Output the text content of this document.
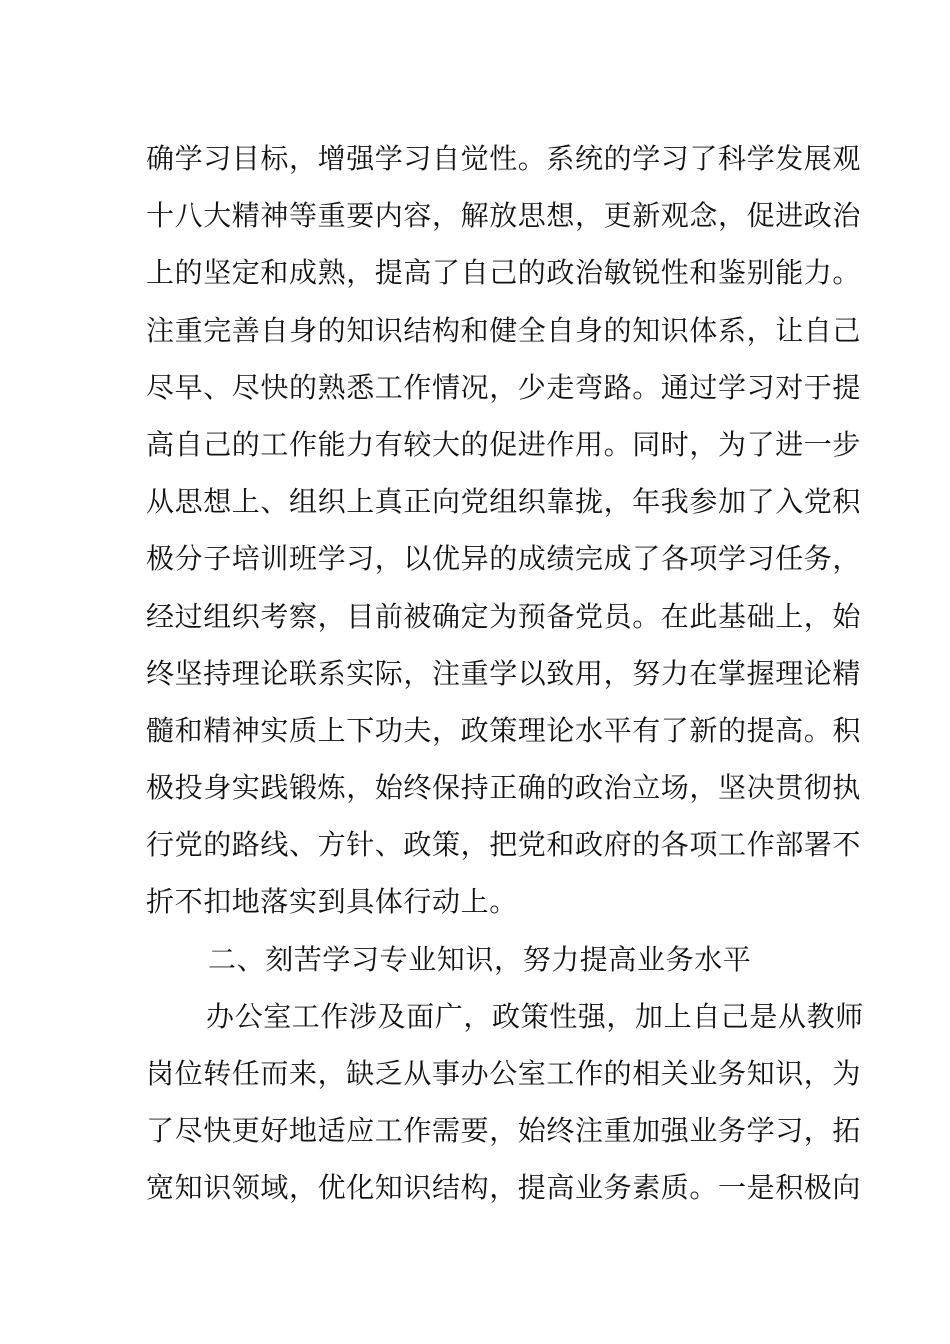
确学习目标，增强学习自觉性。系统的学习了科学发展观
十八大精神等重要内容，解放思想，更新观念，促进政治
上的坚定和成熟，提高了自己的政治敏锐性和鉴别能力。
注重完善自身的知识结构和健全自身的知识体系，让自己
尽早、尽快的熟悉工作情况，少走弯路。通过学习对于提
高自己的工作能力有较大的促进作用。同时，为了进一步
从思想上、组织上真正向党组织靠拢，年我参加了入党积
极分子培训班学习，以优异的成绩完成了各项学习任务，
经过组织考察，目前被确定为预备党员。在此基础上，始
终坚持理论联系实际，注重学以致用，努力在掌握理论精
髓和精神实质上下功夫，政策理论水平有了新的提高。积
极投身实践锻炼，始终保持正确的政治立场，坚决贯彻执
行党的路线、方针、政策，把党和政府的各项工作部署不
折不扣地落实到具体行动上。
二、刻苦学习专业知识，努力提高业务水平
办公室工作涉及面广，政策性强，加上自己是从教师
岗位转任而来，缺乏从事办公室工作的相关业务知识，为
了尽快更好地适应工作需要，始终注重加强业务学习，拓
宽知识领域，优化知识结构，提高业务素质。一是积极向
